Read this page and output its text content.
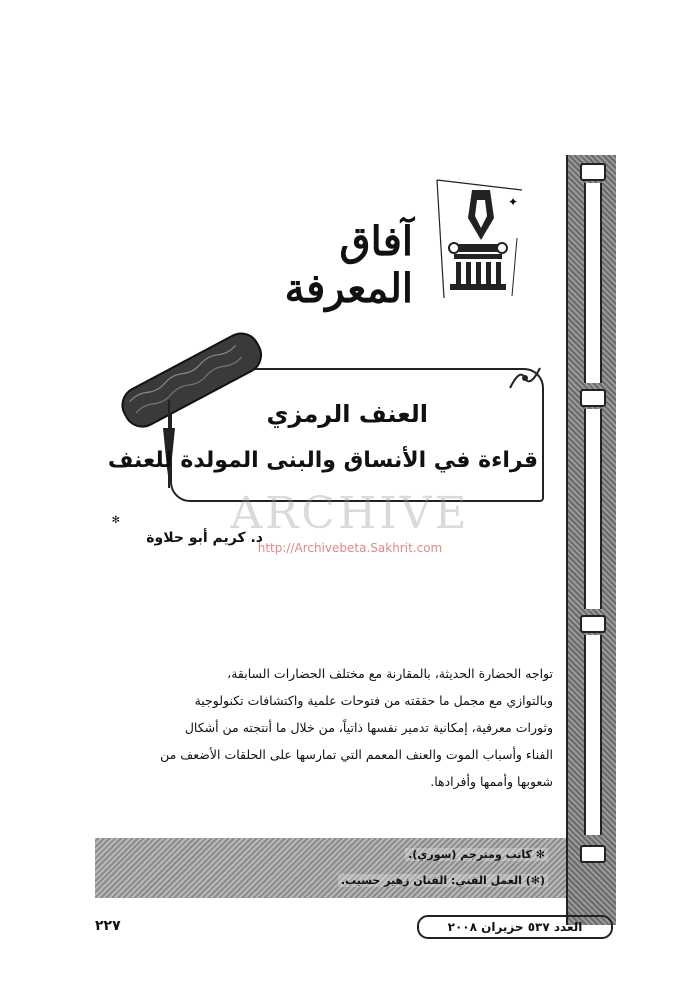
✦
آفاق المعرفة
العنف الرمزي
قراءة في الأنساق والبنى المولدة للعنف
ARCHIVE
http://Archivebeta.Sakhrit.com
✻
د. كريم أبو حلاوة

تواجه الحضارة الحديثة، بالمقارنة مع مختلف الحضارات السابقة،

وبالتوازي مع مجمل ما حققته من فتوحات علمية واكتشافات تكنولوجية

وثورات معرفية، إمكانية تدمير نفسها ذاتياً، من خلال ما أنتجته من أشكال

الفناء وأسباب الموت والعنف المعمم التي تمارسها على الحلقات الأضعف من

شعوبها وأممها وأفرادها.

✻ كاتب ومترجم (سوري).
(✻) العمل الفني: الفنان زهير حسيب.
العدد ٥٣٧ حزيران ٢٠٠٨
٢٢٧
